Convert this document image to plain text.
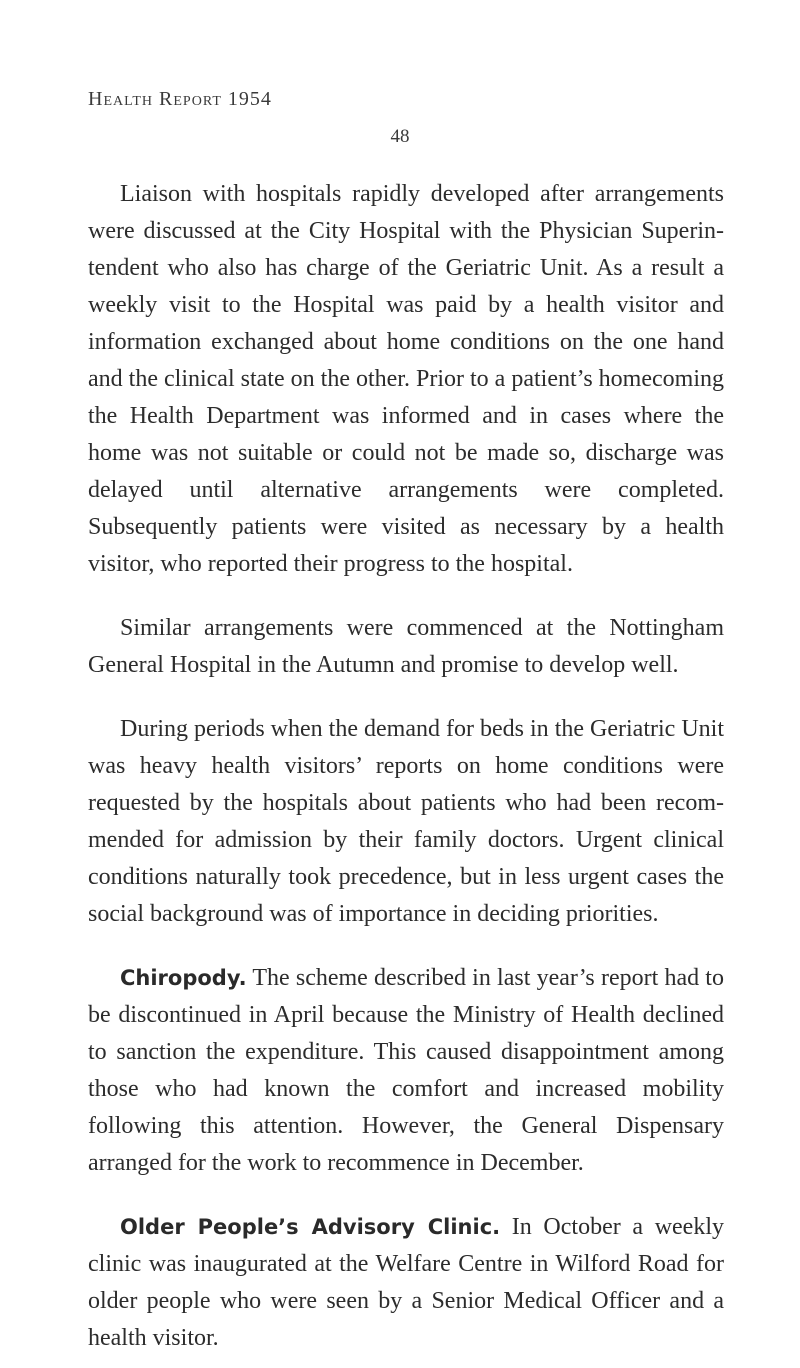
Health Report 1954
48

Liaison with hospitals rapidly developed after arrangements were discussed at the City Hospital with the Physician Superintendent who also has charge of the Geriatric Unit. As a result a weekly visit to the Hospital was paid by a health visitor and information exchanged about home conditions on the one hand and the clinical state on the other. Prior to a patient’s homecoming the Health Department was informed and in cases where the home was not suitable or could not be made so, discharge was delayed until alternative arrangements were completed. Subsequently patients were visited as necessary by a health visitor, who reported their progress to the hospital.

Similar arrangements were commenced at the Nottingham General Hospital in the Autumn and promise to develop well.

During periods when the demand for beds in the Geriatric Unit was heavy health visitors’ reports on home conditions were requested by the hospitals about patients who had been recommended for admission by their family doctors. Urgent clinical conditions naturally took precedence, but in less urgent cases the social background was of importance in deciding priorities.

Chiropody. The scheme described in last year’s report had to be discontinued in April because the Ministry of Health declined to sanction the expenditure. This caused disappointment among those who had known the comfort and increased mobility following this attention. However, the General Dispensary arranged for the work to recommence in December.

Older People’s Advisory Clinic. In October a weekly clinic was inaugurated at the Welfare Centre in Wilford Road for older people who were seen by a Senior Medical Officer and a health visitor.
